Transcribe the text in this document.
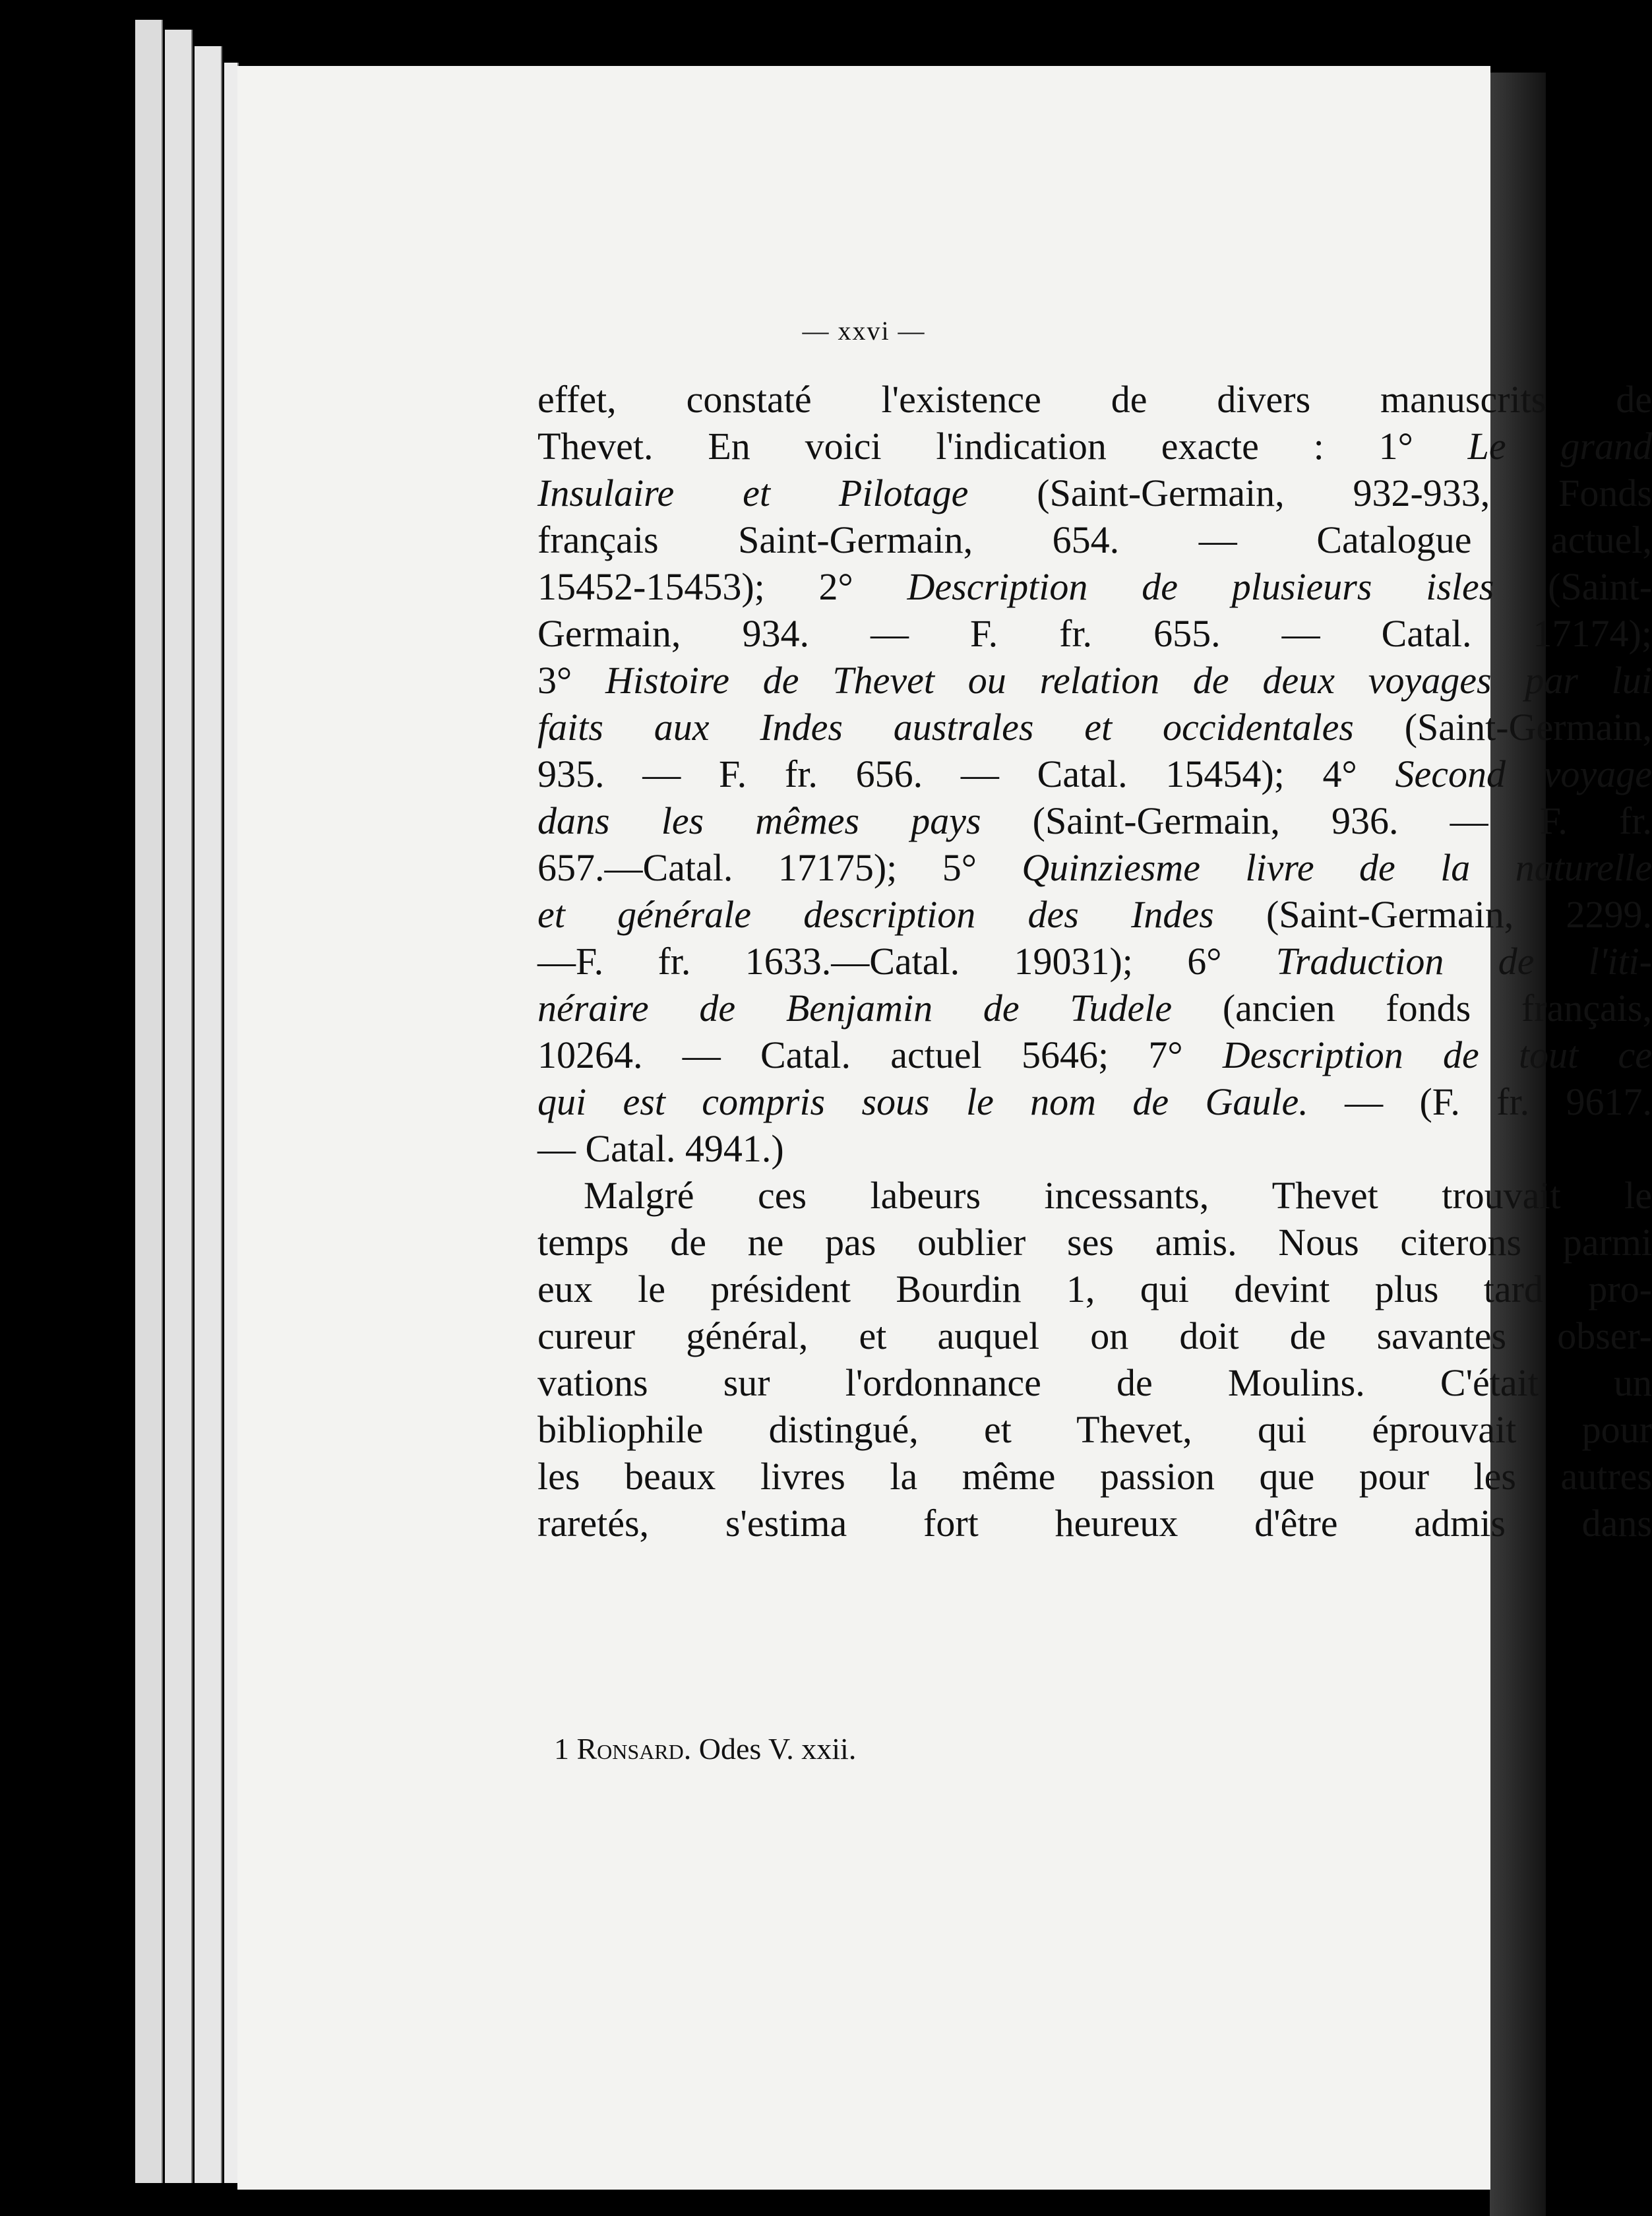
— xxvi —
effet, constaté l'existence de divers manuscrits de
Thevet. En voici l'indication exacte : 1° Le grand
Insulaire et Pilotage (Saint-Germain, 932-933, Fonds
français Saint-Germain, 654. — Catalogue actuel,
15452-15453); 2° Description de plusieurs isles (Saint-
Germain, 934. — F. fr. 655. — Catal. 17174);
3° Histoire de Thevet ou relation de deux voyages par lui
faits aux Indes australes et occidentales (Saint-Germain,
935. — F. fr. 656. — Catal. 15454); 4° Second voyage
dans les mêmes pays (Saint-Germain, 936. — F. fr.
657.—Catal. 17175); 5° Quinziesme livre de la naturelle
et générale description des Indes (Saint-Germain, 2299.
—F. fr. 1633.—Catal. 19031); 6° Traduction de l'iti-
néraire de Benjamin de Tudele (ancien fonds français,
10264. — Catal. actuel 5646; 7° Description de tout ce
qui est compris sous le nom de Gaule. — (F. fr. 9617.
— Catal. 4941.)
Malgré ces labeurs incessants, Thevet trouvait le
temps de ne pas oublier ses amis. Nous citerons parmi
eux le président Bourdin 1, qui devint plus tard pro-
cureur général, et auquel on doit de savantes obser-
vations sur l'ordonnance de Moulins. C'était un
bibliophile distingué, et Thevet, qui éprouvait pour
les beaux livres la même passion que pour les autres
raretés, s'estima fort heureux d'être admis dans
1 Ronsard. Odes V. xxii.
